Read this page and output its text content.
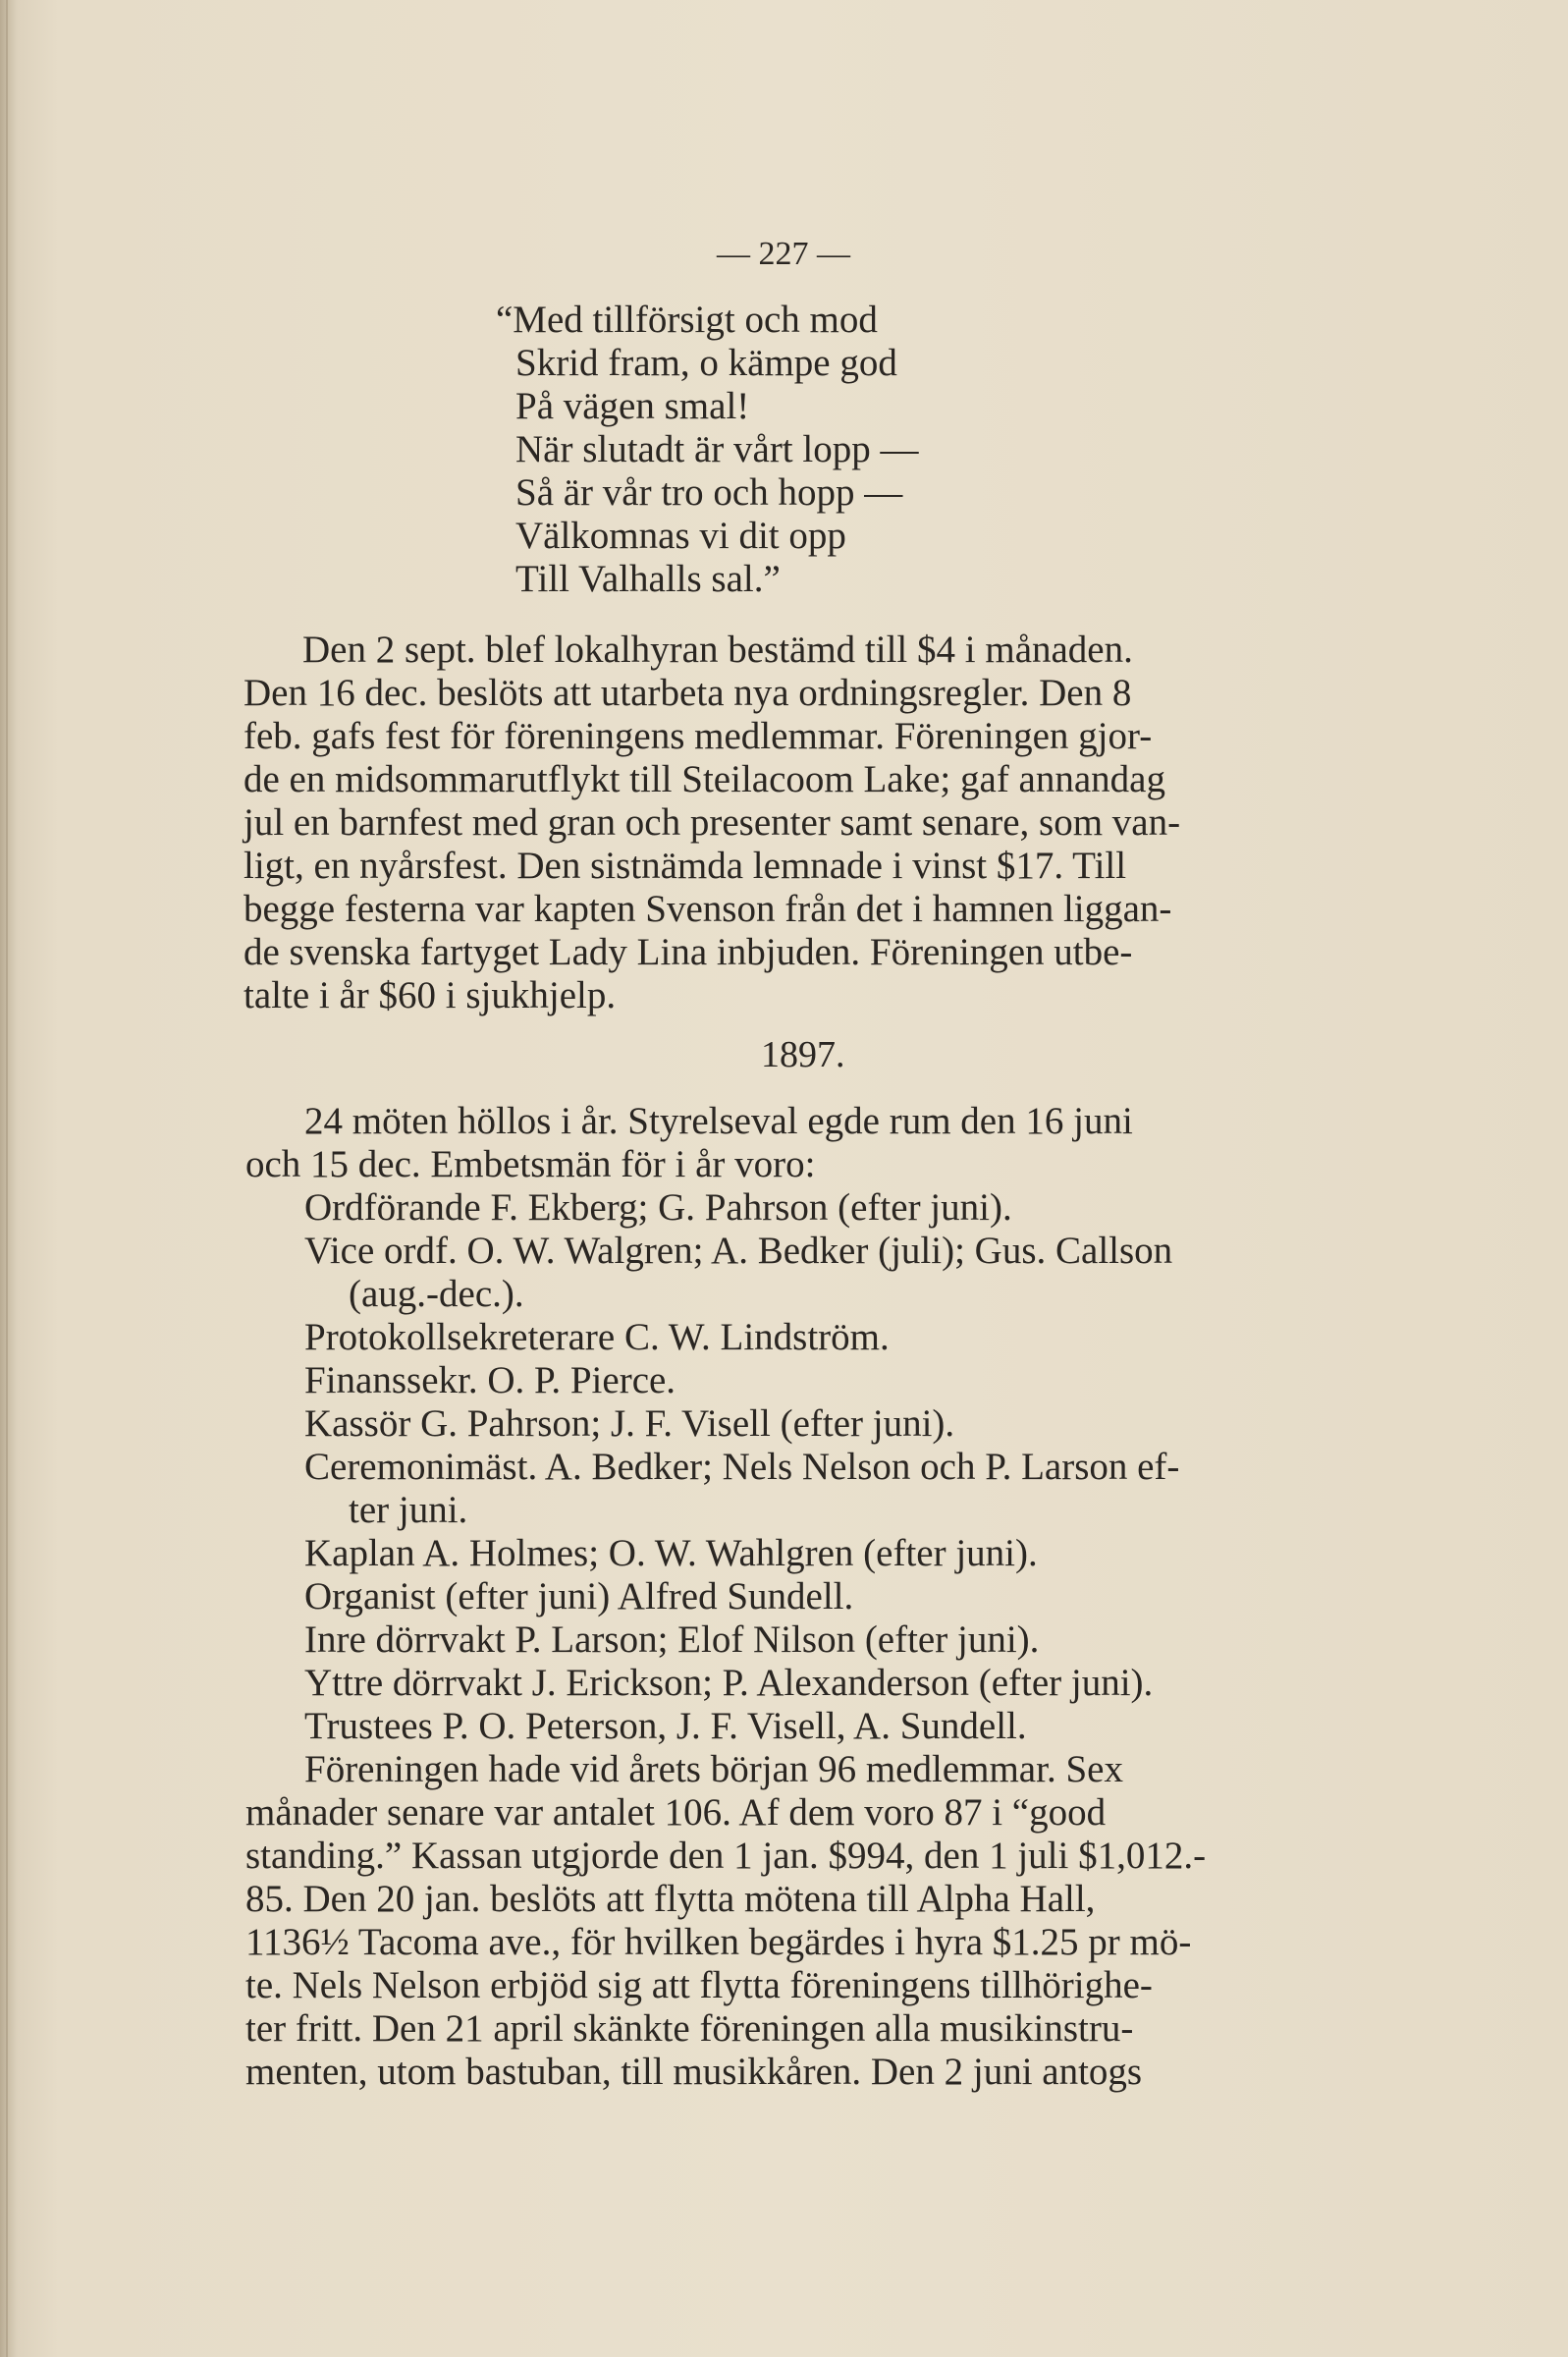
— 227 —
“Med tillförsigt och mod
Skrid fram, o kämpe god
På vägen smal!
När slutadt är vårt lopp —
Så är vår tro och hopp —
Välkomnas vi dit opp
Till Valhalls sal.”
Den 2 sept. blef lokalhyran bestämd till $4 i månaden.
Den 16 dec. beslöts att utarbeta nya ordningsregler. Den 8
feb. gafs fest för föreningens medlemmar. Föreningen gjor-
de en midsommarutflykt till Steilacoom Lake; gaf annandag
jul en barnfest med gran och presenter samt senare, som van-
ligt, en nyårsfest. Den sistnämda lemnade i vinst $17. Till
begge festerna var kapten Svenson från det i hamnen liggan-
de svenska fartyget Lady Lina inbjuden. Föreningen utbe-
talte i år $60 i sjukhjelp.
1897.
24 möten höllos i år. Styrelseval egde rum den 16 juni
och 15 dec. Embetsmän för i år voro:
Ordförande F. Ekberg; G. Pahrson (efter juni).
Vice ordf. O. W. Walgren; A. Bedker (juli); Gus. Callson
(aug.-dec.).
Protokollsekreterare C. W. Lindström.
Finanssekr. O. P. Pierce.
Kassör G. Pahrson; J. F. Visell (efter juni).
Ceremonimäst. A. Bedker; Nels Nelson och P. Larson ef-
ter juni.
Kaplan A. Holmes; O. W. Wahlgren (efter juni).
Organist (efter juni) Alfred Sundell.
Inre dörrvakt P. Larson; Elof Nilson (efter juni).
Yttre dörrvakt J. Erickson; P. Alexanderson (efter juni).
Trustees P. O. Peterson, J. F. Visell, A. Sundell.
Föreningen hade vid årets början 96 medlemmar. Sex
månader senare var antalet 106. Af dem voro 87 i “good
standing.” Kassan utgjorde den 1 jan. $994, den 1 juli $1,012.-
85. Den 20 jan. beslöts att flytta mötena till Alpha Hall,
1136½ Tacoma ave., för hvilken begärdes i hyra $1.25 pr mö-
te. Nels Nelson erbjöd sig att flytta föreningens tillhörighe-
ter fritt. Den 21 april skänkte föreningen alla musikinstru-
menten, utom bastuban, till musikkåren. Den 2 juni antogs
